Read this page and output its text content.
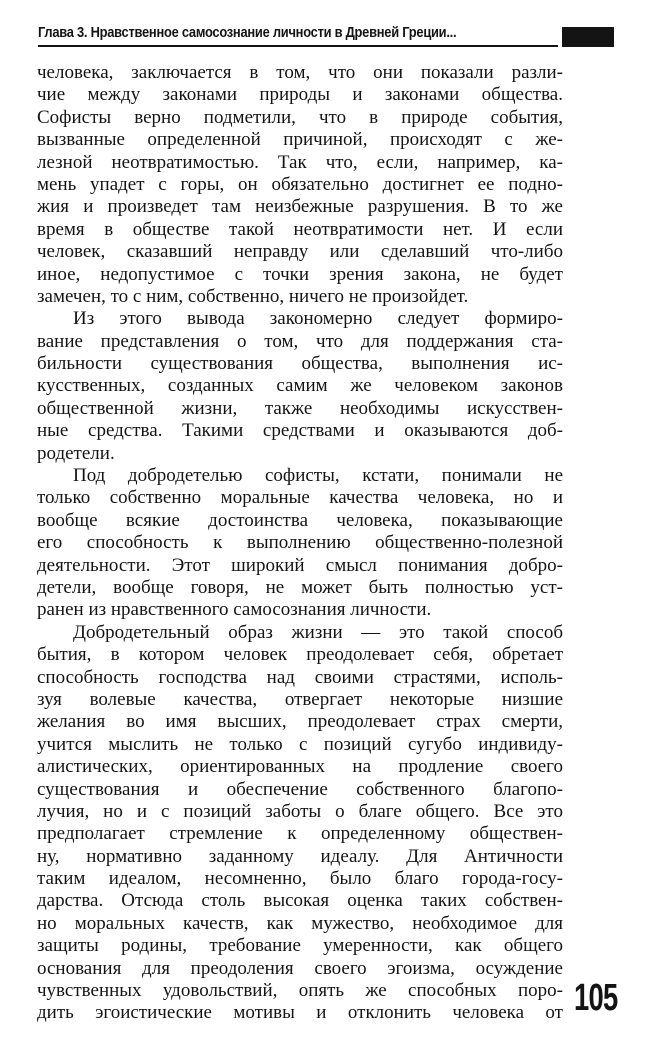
Глава 3. Нравственное самосознание личности в Древней Греции...
человека, заключается в том, что они показали разли-
чие между законами природы и законами общества.
Софисты верно подметили, что в природе события,
вызванные определенной причиной, происходят с же-
лезной неотвратимостью. Так что, если, например, ка-
мень упадет с горы, он обязательно достигнет ее подно-
жия и произведет там неизбежные разрушения. В то же
время в обществе такой неотвратимости нет. И если
человек, сказавший неправду или сделавший что-либо
иное, недопустимое с точки зрения закона, не будет
замечен, то с ним, собственно, ничего не произойдет.
Из этого вывода закономерно следует формиро-
вание представления о том, что для поддержания ста-
бильности существования общества, выполнения ис-
кусственных, созданных самим же человеком законов
общественной жизни, также необходимы искусствен-
ные средства. Такими средствами и оказываются доб-
родетели.
Под добродетелью софисты, кстати, понимали не
только собственно моральные качества человека, но и
вообще всякие достоинства человека, показывающие
его способность к выполнению общественно-полезной
деятельности. Этот широкий смысл понимания добро-
детели, вообще говоря, не может быть полностью уст-
ранен из нравственного самосознания личности.
Добродетельный образ жизни — это такой способ
бытия, в котором человек преодолевает себя, обретает
способность господства над своими страстями, исполь-
зуя волевые качества, отвергает некоторые низшие
желания во имя высших, преодолевает страх смерти,
учится мыслить не только с позиций сугубо индивиду-
алистических, ориентированных на продление своего
существования и обеспечение собственного благопо-
лучия, но и с позиций заботы о благе общего. Все это
предполагает стремление к определенному обществен-
ну, нормативно заданному идеалу. Для Античности
таким идеалом, несомненно, было благо города-госу-
дарства. Отсюда столь высокая оценка таких собствен-
но моральных качеств, как мужество, необходимое для
защиты родины, требование умеренности, как общего
основания для преодоления своего эгоизма, осуждение
чувственных удовольствий, опять же способных поро-
дить эгоистические мотивы и отклонить человека от 105
